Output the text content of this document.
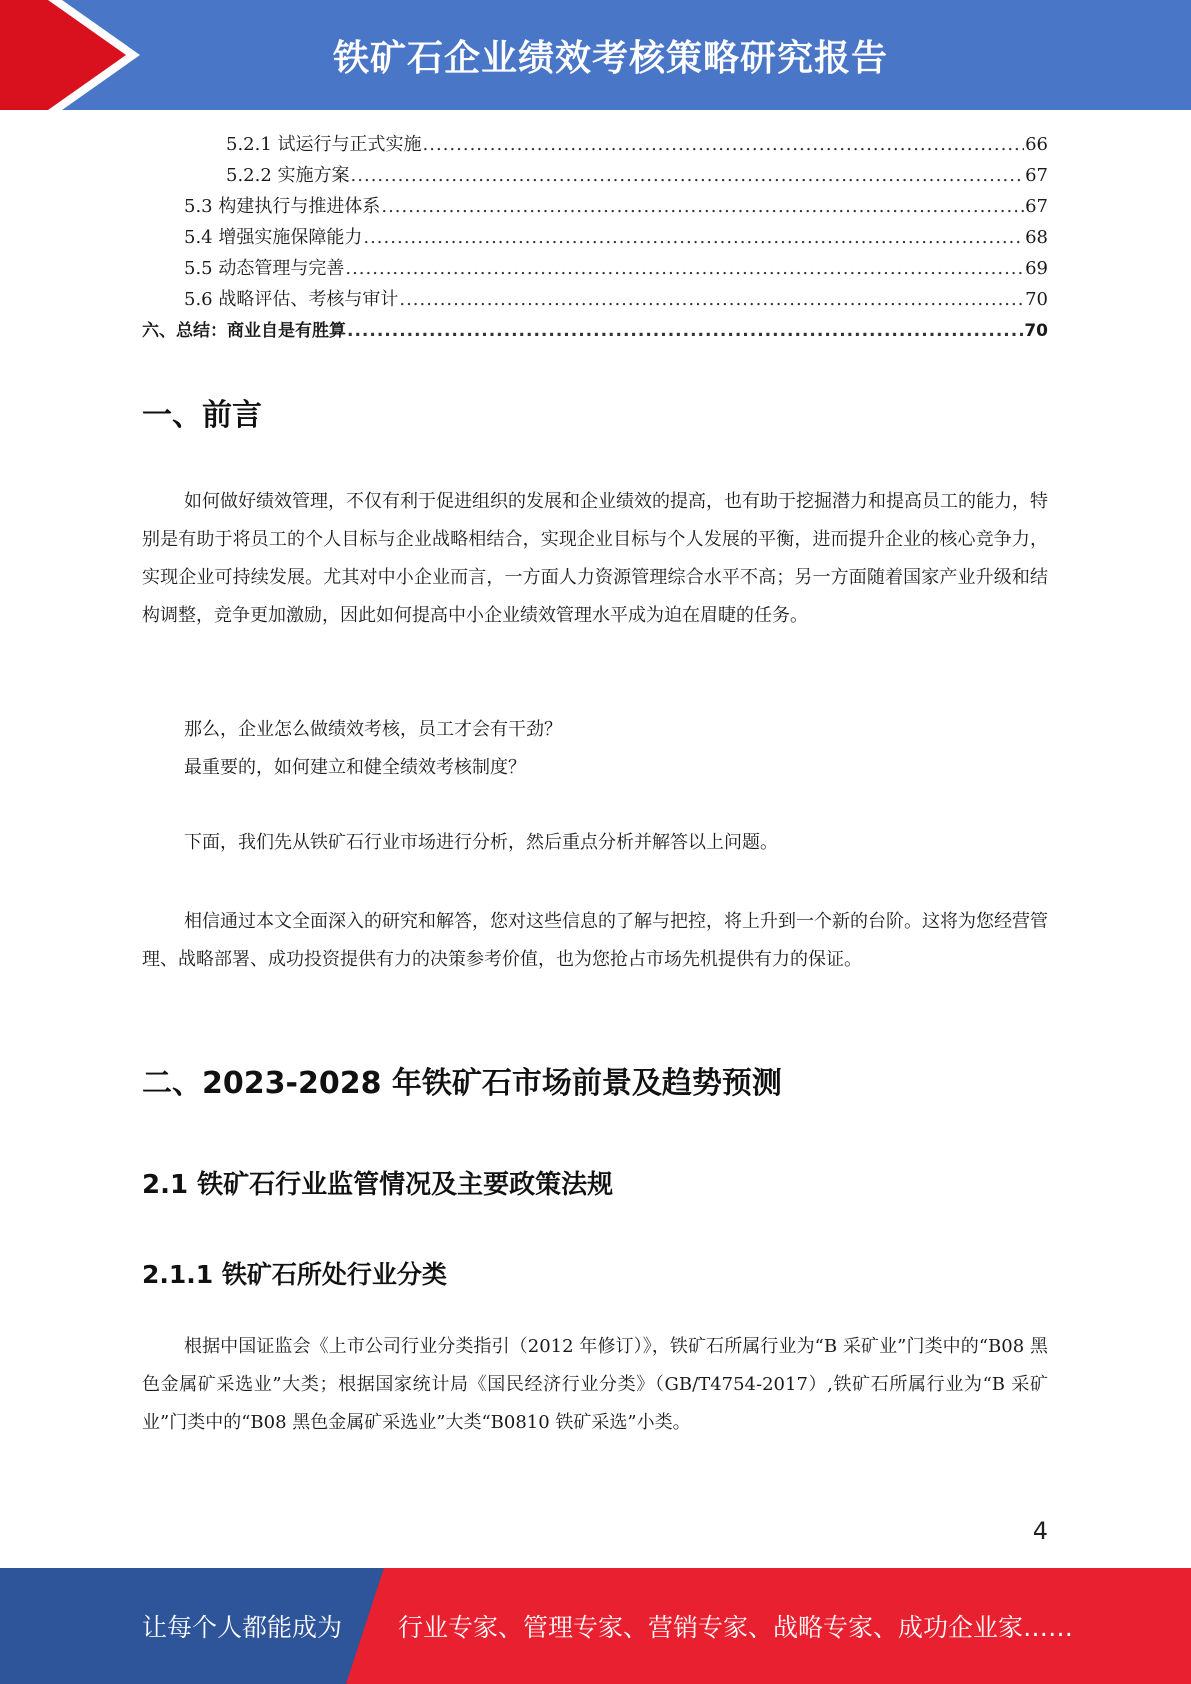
铁矿石企业绩效考核策略研究报告
5.2.1 试运行与正式实施 .....	66
5.2.2 实施方案 .....	67
5.3 构建执行与推进体系 .....	67
5.4 增强实施保障能力 .....	68
5.5 动态管理与完善 .....	69
5.6 战略评估、考核与审计 .....	70
六、总结：商业自是有胜算 .....	70
一、前言

如何做好绩效管理，不仅有利于促进组织的发展和企业绩效的提高，也有助于挖掘潜力和提高员工的能力，特别是有助于将员工的个人目标与企业战略相结合，实现企业目标与个人发展的平衡，进而提升企业的核心竞争力，实现企业可持续发展。尤其对中小企业而言，一方面人力资源管理综合水平不高；另一方面随着国家产业升级和结构调整，竞争更加激励，因此如何提高中小企业绩效管理水平成为迫在眉睫的任务。

那么，企业怎么做绩效考核，员工才会有干劲？

最重要的，如何建立和健全绩效考核制度？

下面，我们先从铁矿石行业市场进行分析，然后重点分析并解答以上问题。

相信通过本文全面深入的研究和解答，您对这些信息的了解与把控，将上升到一个新的台阶。这将为您经营管理、战略部署、成功投资提供有力的决策参考价值，也为您抢占市场先机提供有力的保证。

二、2023-2028 年铁矿石市场前景及趋势预测
2.1 铁矿石行业监管情况及主要政策法规
2.1.1 铁矿石所处行业分类

根据中国证监会《上市公司行业分类指引（2012 年修订）》，铁矿石所属行业为“B 采矿业”门类中的“B08 黑色金属矿采选业”大类；根据国家统计局《国民经济行业分类》（GB/T4754-2017）,铁矿石所属行业为“B 采矿业”门类中的“B08 黑色金属矿采选业”大类“B0810 铁矿采选”小类。

4
让每个人都能成为 行业专家、管理专家、营销专家、战略专家、成功企业家……
